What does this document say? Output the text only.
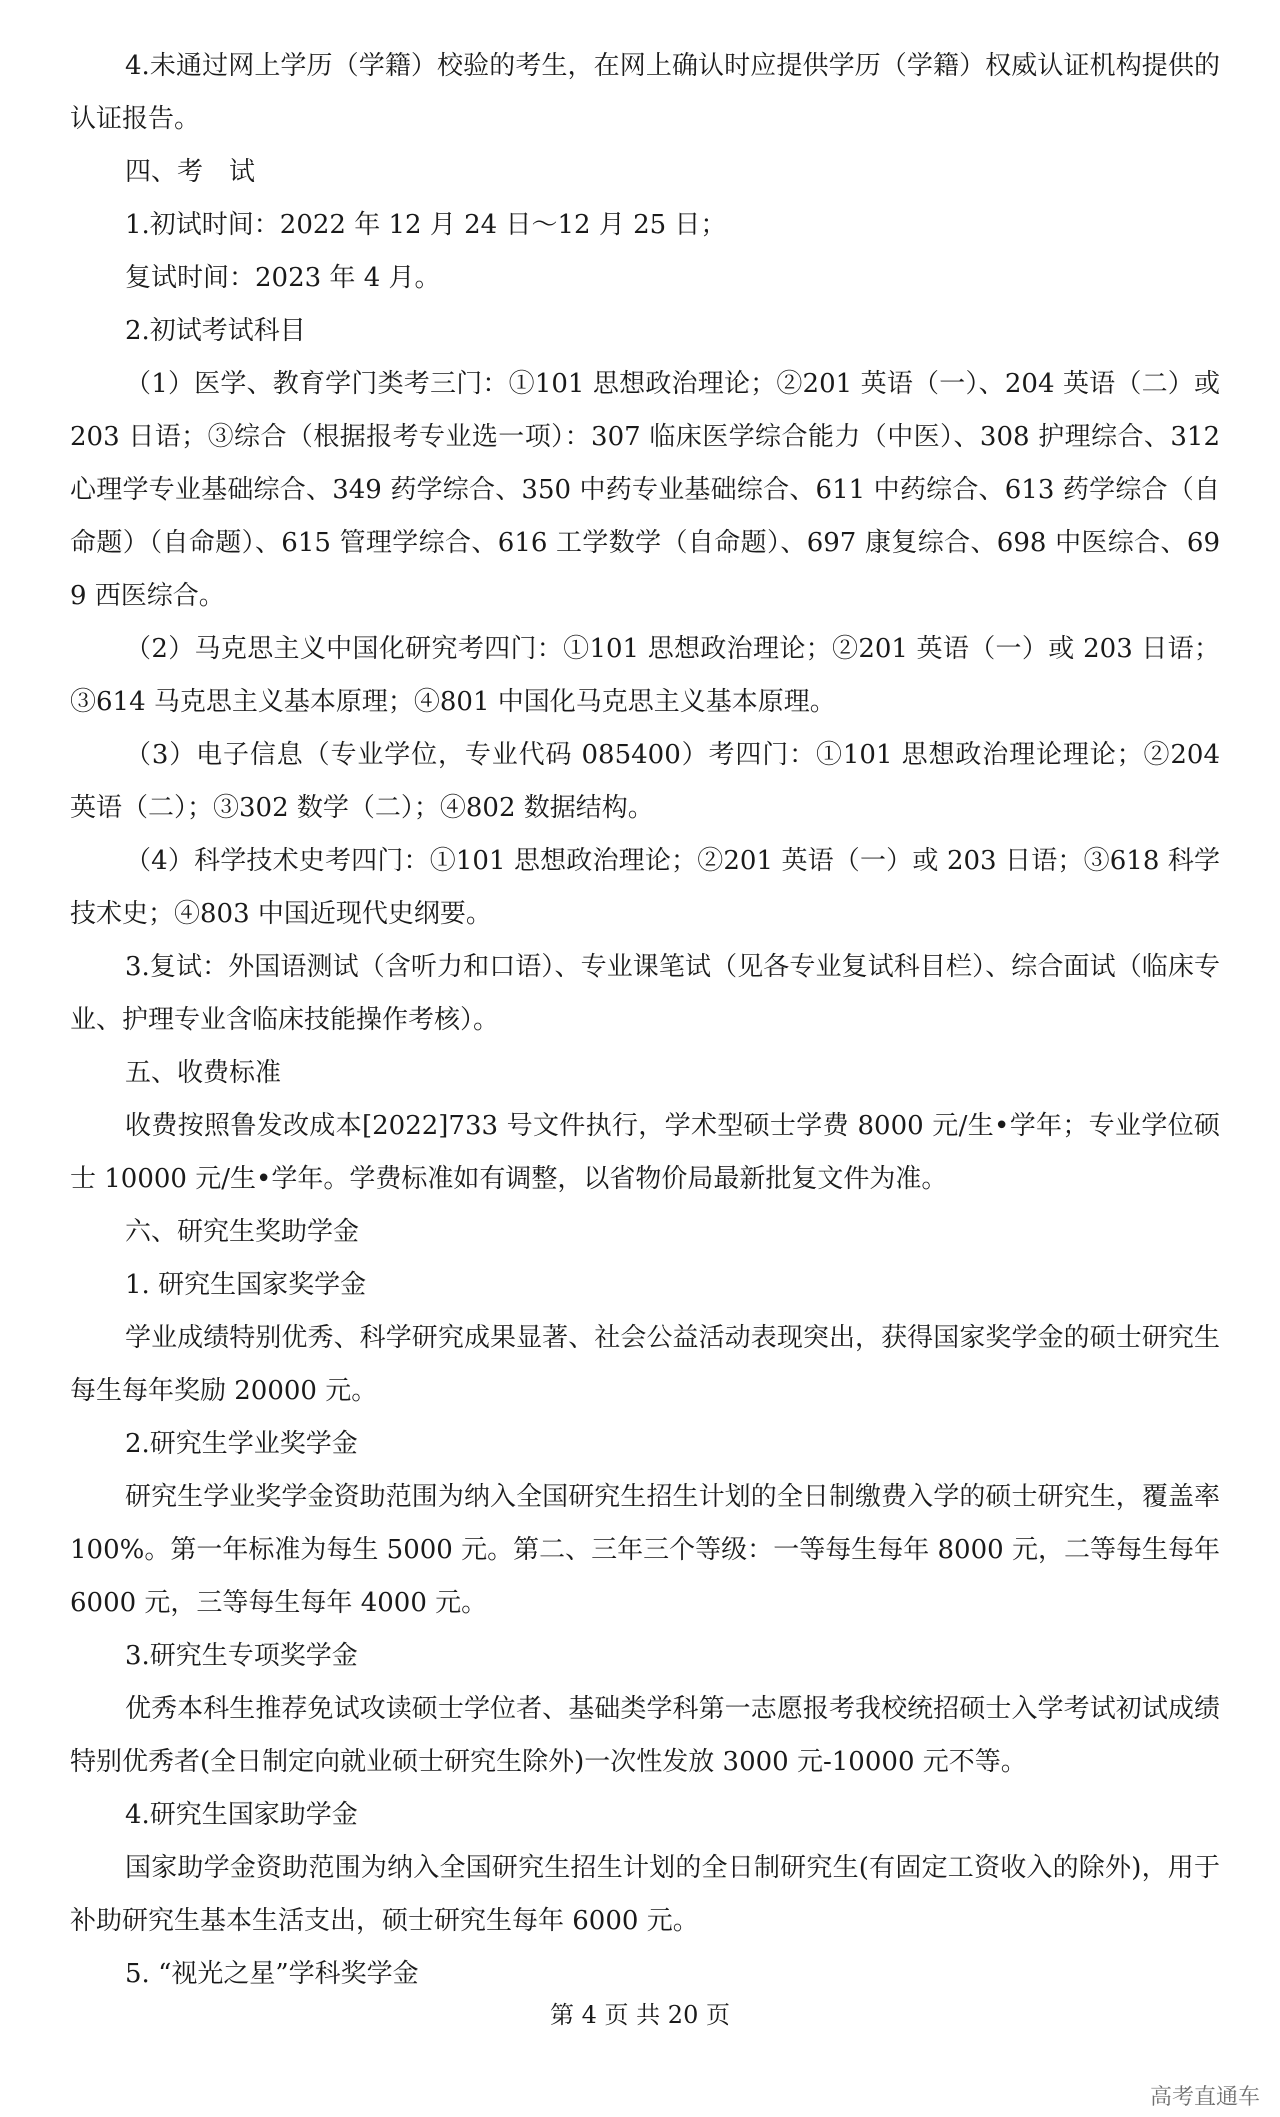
4.未通过网上学历（学籍）校验的考生，在网上确认时应提供学历（学籍）权威认证机构提供的认证报告。

四、考　试

1.初试时间：2022 年 12 月 24 日～12 月 25 日；

复试时间：2023 年 4 月。

2.初试考试科目

（1）医学、教育学门类考三门：①101 思想政治理论；②201 英语（一）、204 英语（二）或 203 日语；③综合（根据报考专业选一项）：307 临床医学综合能力（中医）、308 护理综合、312 心理学专业基础综合、349 药学综合、350 中药专业基础综合、611 中药综合、613 药学综合（自命题）（自命题）、615 管理学综合、616 工学数学（自命题）、697 康复综合、698 中医综合、699 西医综合。

（2）马克思主义中国化研究考四门：①101 思想政治理论；②201 英语（一）或 203 日语；③614 马克思主义基本原理；④801 中国化马克思主义基本原理。

（3）电子信息（专业学位，专业代码 085400）考四门：①101 思想政治理论理论；②204 英语（二）；③302 数学（二）；④802 数据结构。

（4）科学技术史考四门：①101 思想政治理论；②201 英语（一）或 203 日语；③618 科学技术史；④803 中国近现代史纲要。

3.复试：外国语测试（含听力和口语）、专业课笔试（见各专业复试科目栏）、综合面试（临床专业、护理专业含临床技能操作考核）。

五、收费标准

收费按照鲁发改成本[2022]733 号文件执行，学术型硕士学费 8000 元/生•学年；专业学位硕士 10000 元/生•学年。学费标准如有调整，以省物价局最新批复文件为准。

六、研究生奖助学金

1. 研究生国家奖学金

学业成绩特别优秀、科学研究成果显著、社会公益活动表现突出，获得国家奖学金的硕士研究生每生每年奖励 20000 元。

2.研究生学业奖学金

研究生学业奖学金资助范围为纳入全国研究生招生计划的全日制缴费入学的硕士研究生，覆盖率 100%。第一年标准为每生 5000 元。第二、三年三个等级：一等每生每年 8000 元，二等每生每年 6000 元，三等每生每年 4000 元。

3.研究生专项奖学金

优秀本科生推荐免试攻读硕士学位者、基础类学科第一志愿报考我校统招硕士入学考试初试成绩特别优秀者(全日制定向就业硕士研究生除外)一次性发放 3000 元-10000 元不等。

4.研究生国家助学金

国家助学金资助范围为纳入全国研究生招生计划的全日制研究生(有固定工资收入的除外)，用于补助研究生基本生活支出，硕士研究生每年 6000 元。

5. “视光之星”学科奖学金

第 4 页 共 20 页
高考直通车
